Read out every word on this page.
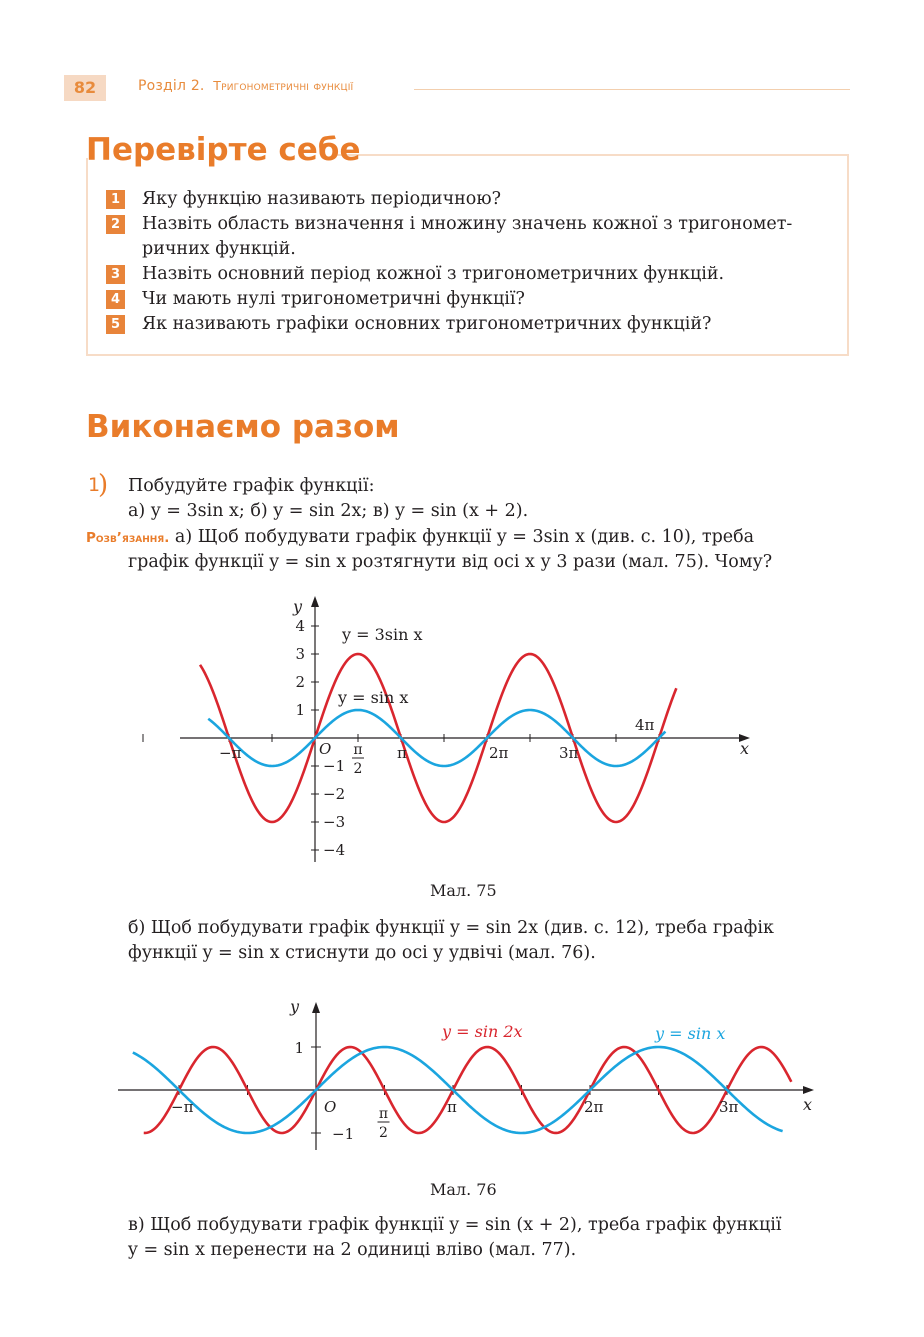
82	Розділ 2. Тригонометричні функції
Перевірте себе
1 Яку функцію називають періодичною?
2 Назвіть область визначення і множину значень кожної з тригономет-ричних функцій.
3 Назвіть основний період кожної з тригонометричних функцій.
4 Чи мають нулі тригонометричні функції?
5 Як називають графіки основних тригонометричних функцій?
Виконаємо разом
1
) Побудуйте графік функції:
а) y = 3sin x; б) y = sin 2x; в) y = sin (x + 2).
Розв’язання. а) Щоб побудувати графік функції y = 3sin x (див. с. 10), треба
графік функції y = sin x розтягнути від осі x у 3 рази (мал. 75). Чому?
y
x
4
3
2
1
−1
−2
−3
−4
O
−π	π
2
π	2π	3π
4π
y = 3sin x
y = sin x
Мал. 75
б) Щоб побудувати графік функції y = sin 2x (див. с. 12), треба графік
функції y = sin x стиснути до осі y удвічі (мал. 76).
y
x
1
−1
O
−π	π
2
π	2π	3π
y = sin 2x	y = sin x
Мал. 76
в) Щоб побудувати графік функції y = sin (x + 2), треба графік функції
y = sin x перенести на 2 одиниці вліво (мал. 77).
